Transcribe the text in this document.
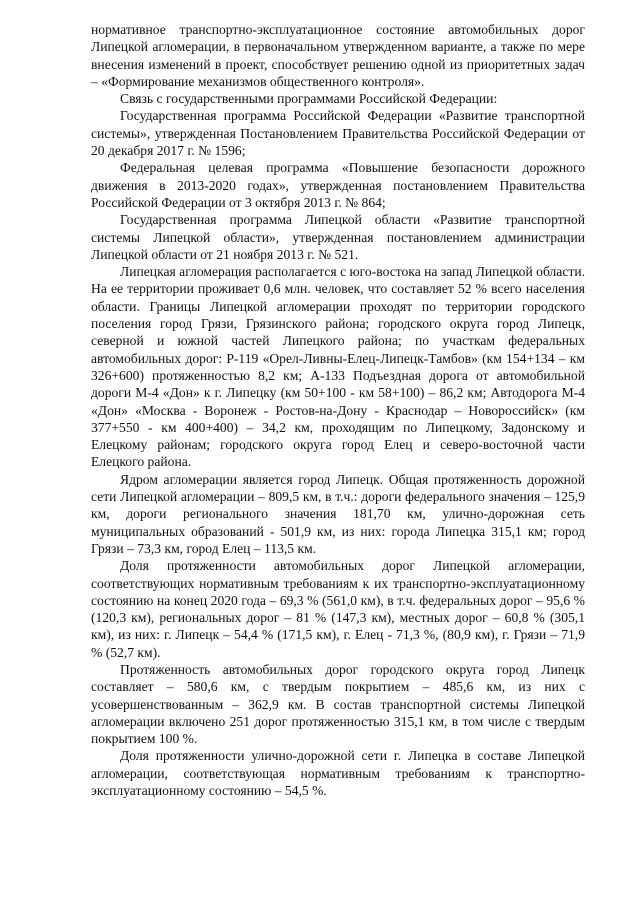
нормативное транспортно-эксплуатационное состояние автомобильных дорог Липецкой агломерации, в первоначальном утвержденном варианте, а также по мере внесения изменений в проект, способствует решению одной из приоритетных задач – «Формирование механизмов общественного контроля».

Связь с государственными программами Российской Федерации:

Государственная программа Российской Федерации «Развитие транспортной системы», утвержденная Постановлением Правительства Российской Федерации от 20 декабря 2017 г. № 1596;

Федеральная целевая программа «Повышение безопасности дорожного движения в 2013-2020 годах», утвержденная постановлением Правительства Российской Федерации от 3 октября 2013 г. № 864;

Государственная программа Липецкой области «Развитие транспортной системы Липецкой области», утвержденная постановлением администрации Липецкой области от 21 ноября 2013 г. № 521.

Липецкая агломерация располагается с юго-востока на запад Липецкой области. На ее территории проживает 0,6 млн. человек, что составляет 52 % всего населения области. Границы Липецкой агломерации проходят по территории городского поселения город Грязи, Грязинского района; городского округа город Липецк, северной и южной частей Липецкого района; по участкам федеральных автомобильных дорог: Р-119 «Орел-Ливны-Елец-Липецк-Тамбов» (км 154+134 – км 326+600) протяженностью 8,2 км; А-133 Подъездная дорога от автомобильной дороги М-4 «Дон» к г. Липецку (км 50+100 - км 58+100) – 86,2 км; Автодорога М-4 «Дон» «Москва - Воронеж - Ростов-на-Дону - Краснодар – Новороссийск» (км 377+550 - км 400+400) – 34,2 км, проходящим по Липецкому, Задонскому и Елецкому районам; городского округа город Елец и северо-восточной части Елецкого района.

Ядром агломерации является город Липецк. Общая протяженность дорожной сети Липецкой агломерации – 809,5 км, в т.ч.: дороги федерального значения – 125,9 км, дороги регионального значения 181,70 км, улично-дорожная сеть муниципальных образований - 501,9 км, из них: города Липецка 315,1 км; город Грязи – 73,3 км, город Елец – 113,5 км.

Доля протяженности автомобильных дорог Липецкой агломерации, соответствующих нормативным требованиям к их транспортно-эксплуатационному состоянию на конец 2020 года – 69,3 % (561,0 км), в т.ч. федеральных дорог – 95,6 % (120,3 км), региональных дорог – 81 % (147,3 км), местных дорог – 60,8 % (305,1 км), из них: г. Липецк – 54,4 % (171,5 км), г. Елец - 71,3 %, (80,9 км), г. Грязи – 71,9 % (52,7 км).

Протяженность автомобильных дорог городского округа город Липецк составляет – 580,6 км, с твердым покрытием – 485,6 км, из них с усовершенствованным – 362,9 км. В состав транспортной системы Липецкой агломерации включено 251 дорог протяженностью 315,1 км, в том числе с твердым покрытием 100 %.

Доля протяженности улично-дорожной сети г. Липецка в составе Липецкой агломерации, соответствующая нормативным требованиям к транспортно-эксплуатационному состоянию – 54,5 %.
